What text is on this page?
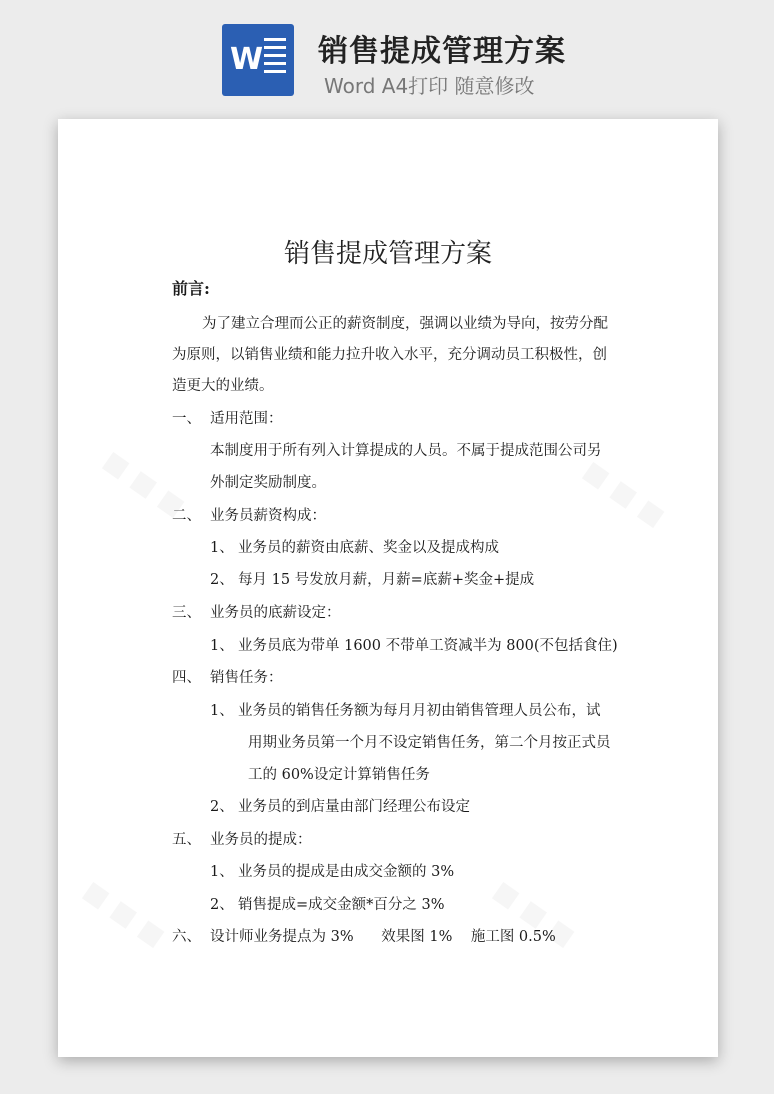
W 销售提成管理方案
Word A4打印 随意修改
销售提成管理方案
前言:
为了建立合理而公正的薪资制度，强调以业绩为导向，按劳分配
为原则，以销售业绩和能力拉升收入水平，充分调动员工积极性，创
造更大的业绩。
一、 适用范围：
本制度用于所有列入计算提成的人员。不属于提成范围公司另
外制定奖励制度。
二、 业务员薪资构成：
1、 业务员的薪资由底薪、奖金以及提成构成
2、 每月 15 号发放月薪，月薪=底薪+奖金+提成
三、 业务员的底薪设定：
1、 业务员底为带单 1600 不带单工资减半为 800(不包括食住)
四、 销售任务：
1、 业务员的销售任务额为每月月初由销售管理人员公布，试
用期业务员第一个月不设定销售任务，第二个月按正式员
工的 60%设定计算销售任务
2、 业务员的到店量由部门经理公布设定
五、 业务员的提成：
1、 业务员的提成是由成交金额的 3%
2、 销售提成=成交金额*百分之 3%
六、 设计师业务提点为 3%      效果图 1%    施工图 0.5%
